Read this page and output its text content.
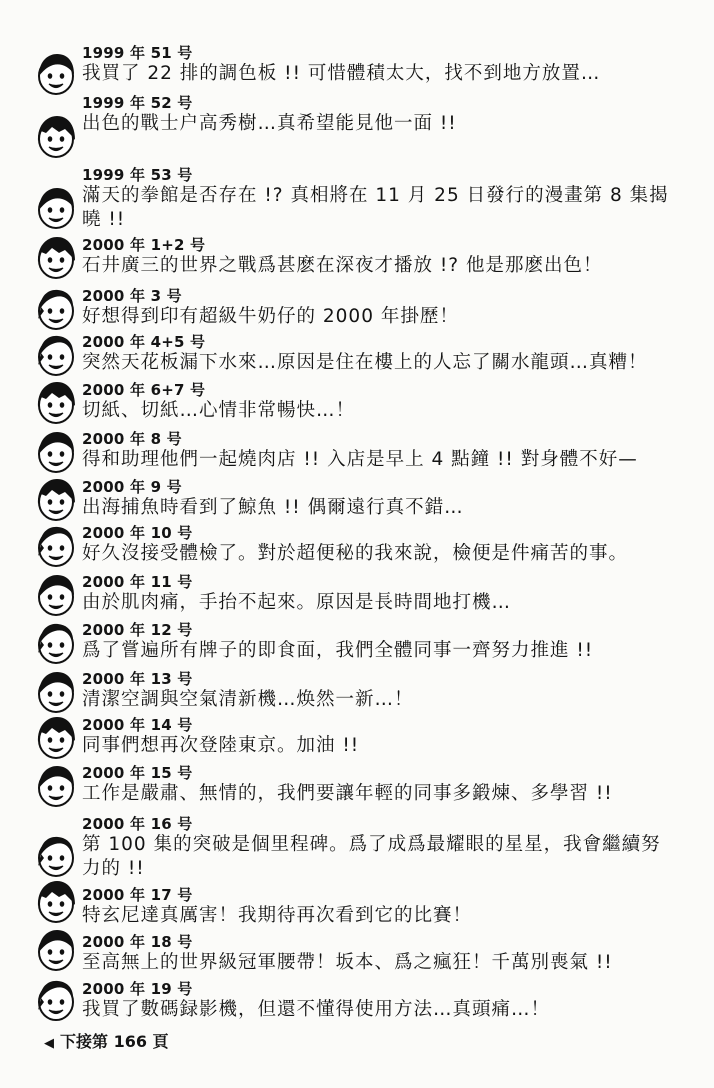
1999 年 51 号
我買了 22 排的調色板 !! 可惜體積太大，找不到地方放置…
1999 年 52 号
出色的戰士户高秀樹…真希望能見他一面 !!
1999 年 53 号
滿天的拳館是否存在 !? 真相將在 11 月 25 日發行的漫畫第 8 集揭曉 !!
2000 年 1+2 号
石井廣三的世界之戰爲甚麽在深夜才播放 !? 他是那麽出色！
2000 年 3 号
好想得到印有超級牛奶仔的 2000 年掛歷！
2000 年 4+5 号
突然天花板漏下水來…原因是住在樓上的人忘了關水龍頭…真糟！
2000 年 6+7 号
切紙、切紙…心情非常暢快…！
2000 年 8 号
得和助理他們一起燒肉店 !! 入店是早上 4 點鐘 !! 對身體不好—
2000 年 9 号
出海捕魚時看到了鯨魚 !! 偶爾遠行真不錯…
2000 年 10 号
好久沒接受體檢了。對於超便秘的我來說，檢便是件痛苦的事。
2000 年 11 号
由於肌肉痛，手抬不起來。原因是長時間地打機…
2000 年 12 号
爲了嘗遍所有牌子的即食面，我們全體同事一齊努力推進 !!
2000 年 13 号
清潔空調與空氣清新機…焕然一新…！
2000 年 14 号
同事們想再次登陸東京。加油 !!
2000 年 15 号
工作是嚴肅、無情的，我們要讓年輕的同事多鍛煉、多學習 !!
2000 年 16 号
第 100 集的突破是個里程碑。爲了成爲最耀眼的星星，我會繼續努力的 !!
2000 年 17 号
特玄尼達真厲害！我期待再次看到它的比賽！
2000 年 18 号
至高無上的世界級冠軍腰帶！坂本、爲之瘋狂！千萬別喪氣 !!
2000 年 19 号
我買了數碼録影機，但還不懂得使用方法…真頭痛…！
◀ 下接第 166 頁
